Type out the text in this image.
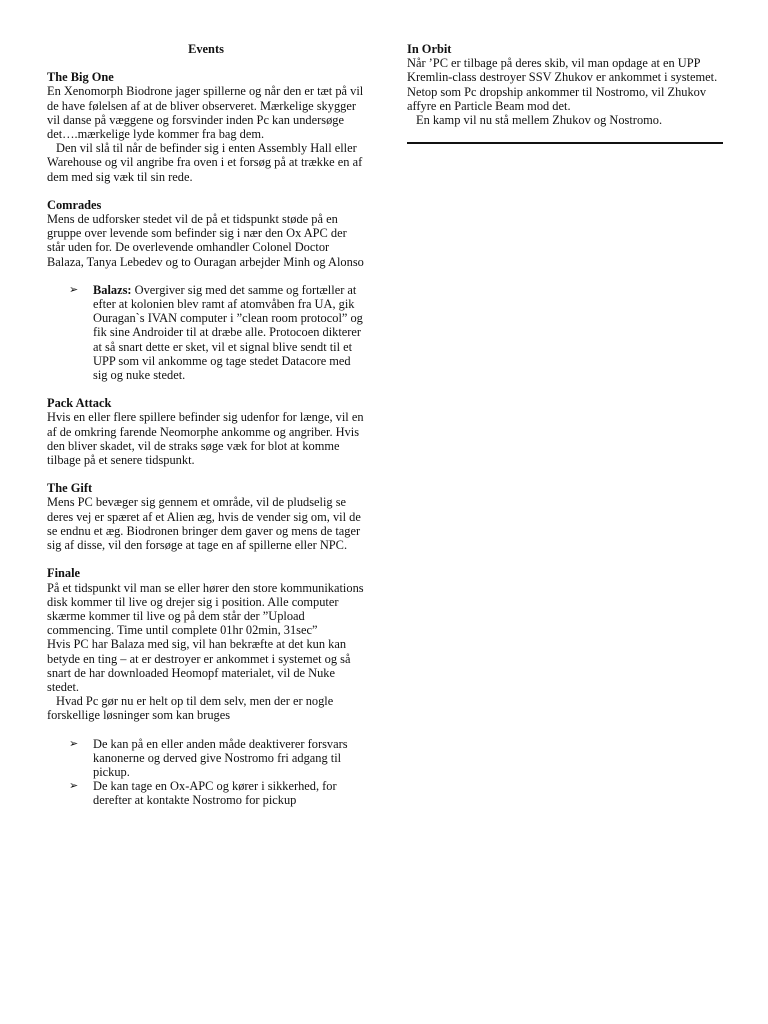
Events
The Big One

En Xenomorph Biodrone jager spillerne og når den er tæt på vil de have følelsen af at de bliver observeret. Mærkelige skygger vil danse på væggene og forsvinder inden Pc kan undersøge det….mærkelige lyde kommer fra bag dem.

Den vil slå til når de befinder sig i enten Assembly Hall eller Warehouse og vil angribe fra oven i et forsøg på at trække en af dem med sig væk til sin rede.

Comrades

Mens de udforsker stedet vil de på et tidspunkt støde på en gruppe over levende som befinder sig i nær den Ox APC der står uden for. De overlevende omhandler Colonel Doctor Balaza, Tanya Lebedev og to Ouragan arbejder Minh og Alonso

➢ Balazs: Overgiver sig med det samme og fortæller at efter at kolonien blev ramt af atomvåben fra UA, gik Ouragan`s IVAN computer i ”clean room protocol” og fik sine Androider til at dræbe alle. Protocoen dikterer at så snart dette er sket, vil et signal blive sendt til et UPP som vil ankomme og tage stedet Datacore med sig og nuke stedet.
Pack Attack

Hvis en eller flere spillere befinder sig udenfor for længe, vil en af de omkring farende Neomorphe ankomme og angriber. Hvis den bliver skadet, vil de straks søge væk for blot at komme tilbage på et senere tidspunkt.

The Gift

Mens PC bevæger sig gennem et område, vil de pludselig se deres vej er spæret af et Alien æg, hvis de vender sig om, vil de se endnu et æg. Biodronen bringer dem gaver og mens de tager sig af disse, vil den forsøge at tage en af spillerne eller NPC.

Finale

På et tidspunkt vil man se eller hører den store kommunikations disk kommer til live og drejer sig i position. Alle computer skærme kommer til live og på dem står der ”Upload commencing. Time until complete 01hr 02min, 31sec”

Hvis PC har Balaza med sig, vil han bekræfte at det kun kan betyde en ting – at er destroyer er ankommet i systemet og så snart de har downloaded Heomopf materialet, vil de Nuke stedet.

Hvad Pc gør nu er helt op til dem selv, men der er nogle forskellige løsninger som kan bruges

➢ De kan på en eller anden måde deaktiverer forsvars kanonerne og derved give Nostromo fri adgang til pickup.
➢ De kan tage en Ox-APC og kører i sikkerhed, for derefter at kontakte Nostromo for pickup
In Orbit

Når ’PC er tilbage på deres skib, vil man opdage at en UPP Kremlin-class destroyer SSV Zhukov er ankommet i systemet. Netop som Pc dropship ankommer til Nostromo, vil Zhukov affyre en Particle Beam mod det.

En kamp vil nu stå mellem Zhukov og Nostromo.
